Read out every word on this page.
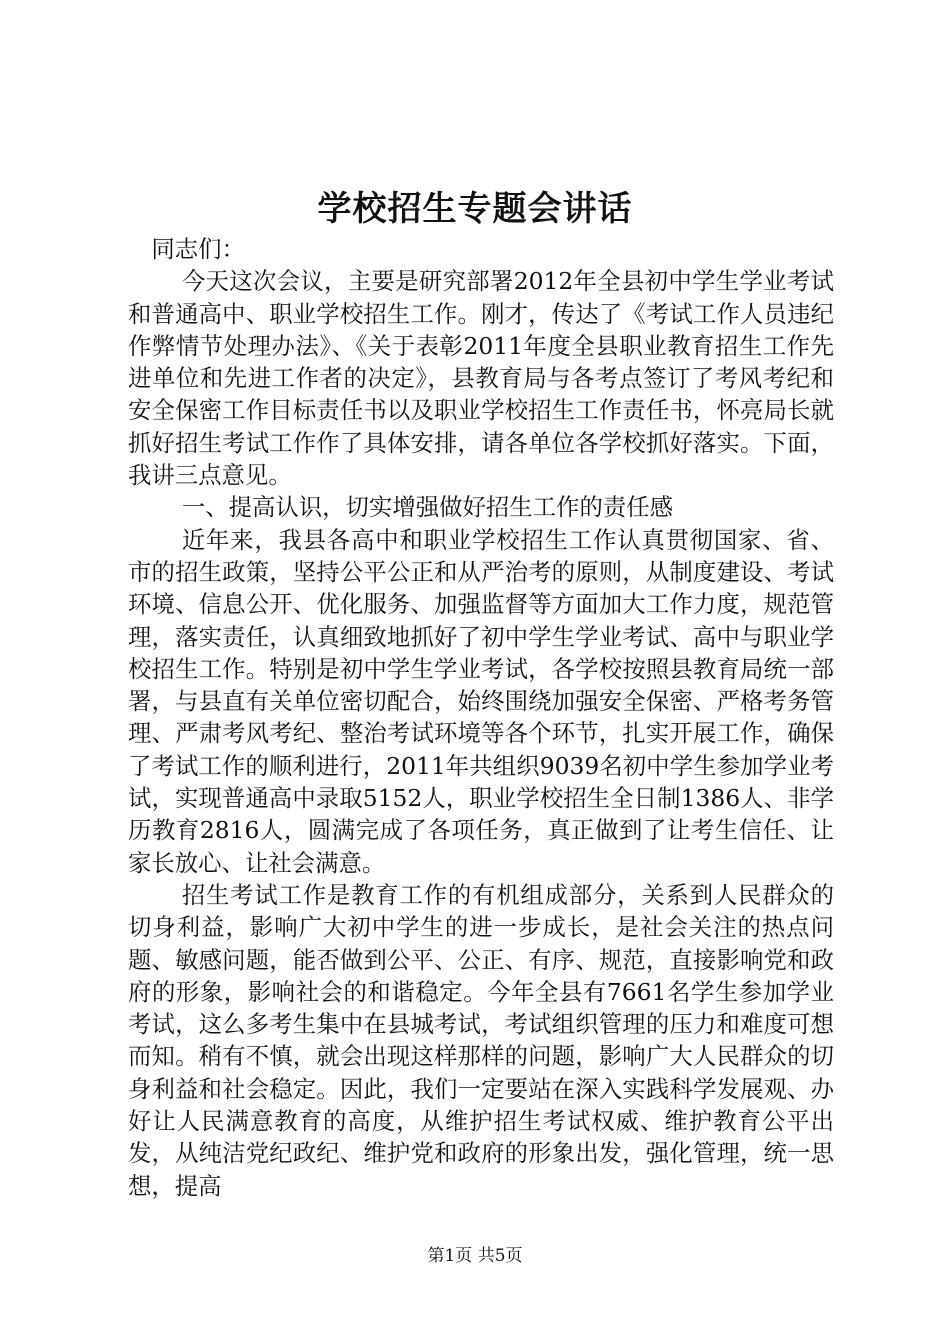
学校招生专题会讲话

同志们：

今天这次会议，主要是研究部署2012年全县初中学生学业考试和普通高中、职业学校招生工作。刚才，传达了《考试工作人员违纪作弊情节处理办法》、《关于表彰2011年度全县职业教育招生工作先进单位和先进工作者的决定》，县教育局与各考点签订了考风考纪和安全保密工作目标责任书以及职业学校招生工作责任书，怀亮局长就抓好招生考试工作作了具体安排，请各单位各学校抓好落实。下面，我讲三点意见。

一、提高认识，切实增强做好招生工作的责任感

近年来，我县各高中和职业学校招生工作认真贯彻国家、省、市的招生政策，坚持公平公正和从严治考的原则，从制度建设、考试环境、信息公开、优化服务、加强监督等方面加大工作力度，规范管理，落实责任，认真细致地抓好了初中学生学业考试、高中与职业学校招生工作。特别是初中学生学业考试，各学校按照县教育局统一部署，与县直有关单位密切配合，始终围绕加强安全保密、严格考务管理、严肃考风考纪、整治考试环境等各个环节，扎实开展工作，确保了考试工作的顺利进行，2011年共组织9039名初中学生参加学业考试，实现普通高中录取5152人，职业学校招生全日制1386人、非学历教育2816人，圆满完成了各项任务，真正做到了让考生信任、让家长放心、让社会满意。

招生考试工作是教育工作的有机组成部分，关系到人民群众的切身利益，影响广大初中学生的进一步成长，是社会关注的热点问题、敏感问题，能否做到公平、公正、有序、规范，直接影响党和政府的形象，影响社会的和谐稳定。今年全县有7661名学生参加学业考试，这么多考生集中在县城考试，考试组织管理的压力和难度可想而知。稍有不慎，就会出现这样那样的问题，影响广大人民群众的切身利益和社会稳定。因此，我们一定要站在深入实践科学发展观、办好让人民满意教育的高度，从维护招生考试权威、维护教育公平出发，从纯洁党纪政纪、维护党和政府的形象出发，强化管理，统一思想，提高

第1页 共5页
